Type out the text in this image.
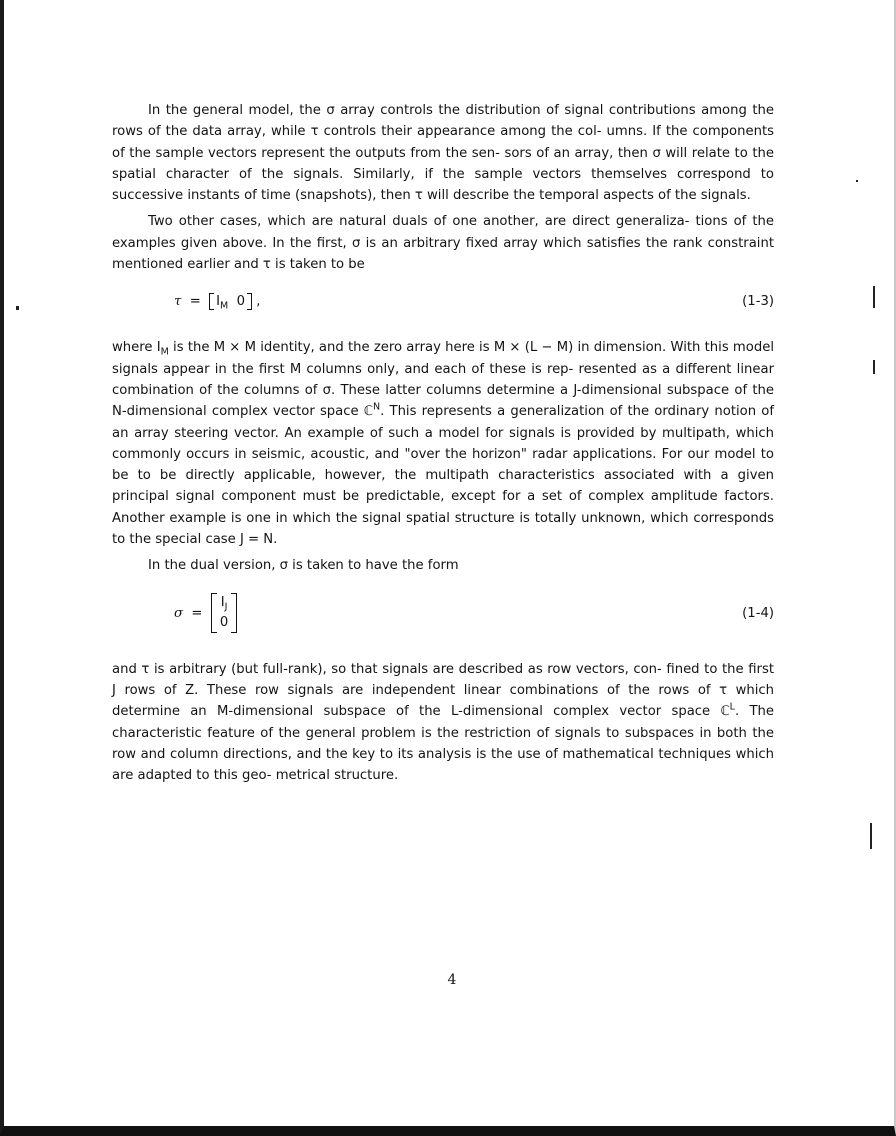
In the general model, the σ array controls the distribution of signal contributions among the rows of the data array, while τ controls their appearance among the col- umns. If the components of the sample vectors represent the outputs from the sen- sors of an array, then σ will relate to the spatial character of the signals. Similarly, if the sample vectors themselves correspond to successive instants of time (snapshots), then τ will describe the temporal aspects of the signals.

Two other cases, which are natural duals of one another, are direct generaliza- tions of the examples given above. In the first, σ is an arbitrary fixed array which satisfies the rank constraint mentioned earlier and τ is taken to be

$\tau = I_M$ 0 ,	(1-3)

where $I_M$ is the M × M identity, and the zero array here is M × (L − M) in dimension. With this model signals appear in the first M columns only, and each of these is rep- resented as a different linear combination of the columns of σ. These latter columns determine a J-dimensional subspace of the N-dimensional complex vector space ℂ$^N$. This represents a generalization of the ordinary notion of an array steering vector. An example of such a model for signals is provided by multipath, which commonly occurs in seismic, acoustic, and "over the horizon" radar applications. For our model to be to be directly applicable, however, the multipath characteristics associated with a given principal signal component must be predictable, except for a set of complex amplitude factors. Another example is one in which the signal spatial structure is totally unknown, which corresponds to the special case J = N.

In the dual version, σ is taken to have the form

$\sigma = I_J$
0
(1-4)

and τ is arbitrary (but full-rank), so that signals are described as row vectors, con- fined to the first J rows of Z. These row signals are independent linear combinations of the rows of τ which determine an M-dimensional subspace of the L-dimensional complex vector space ℂ$^L$. The characteristic feature of the general problem is the restriction of signals to subspaces in both the row and column directions, and the key to its analysis is the use of mathematical techniques which are adapted to this geo- metrical structure.

4
